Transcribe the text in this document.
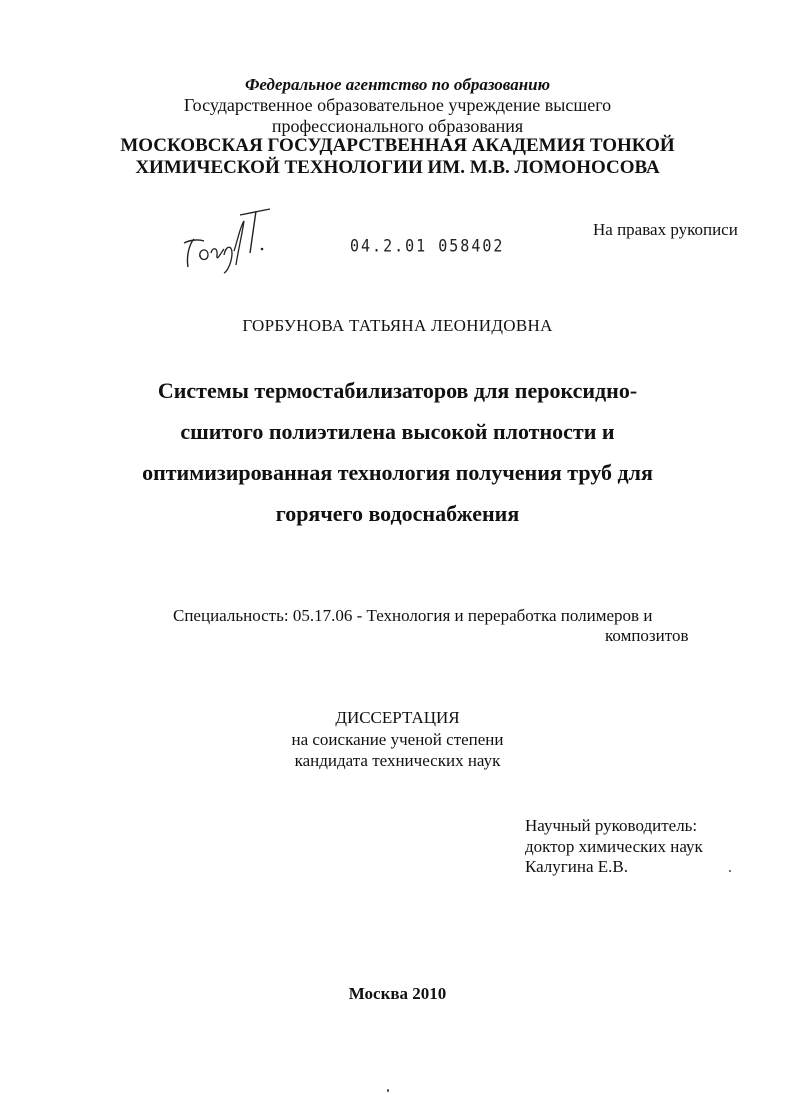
Федеральное агентство по образованию
Государственное образовательное учреждение высшего
профессионального образования
МОСКОВСКАЯ ГОСУДАРСТВЕННАЯ АКАДЕМИЯ ТОНКОЙ
ХИМИЧЕСКОЙ ТЕХНОЛОГИИ ИМ. М.В. ЛОМОНОСОВА
04.2.01 058402
На правах рукописи
ГОРБУНОВА ТАТЬЯНА ЛЕОНИДОВНА
Системы термостабилизаторов для пероксидно-
сшитого полиэтилена высокой плотности и
оптимизированная технология получения труб для
горячего водоснабжения
Специальность: 05.17.06 - Технология и переработка полимеров и
композитов
ДИССЕРТАЦИЯ
на соискание ученой степени
кандидата технических наук
Научный руководитель:
доктор химических наук
Калугина Е.В.
Москва 2010
